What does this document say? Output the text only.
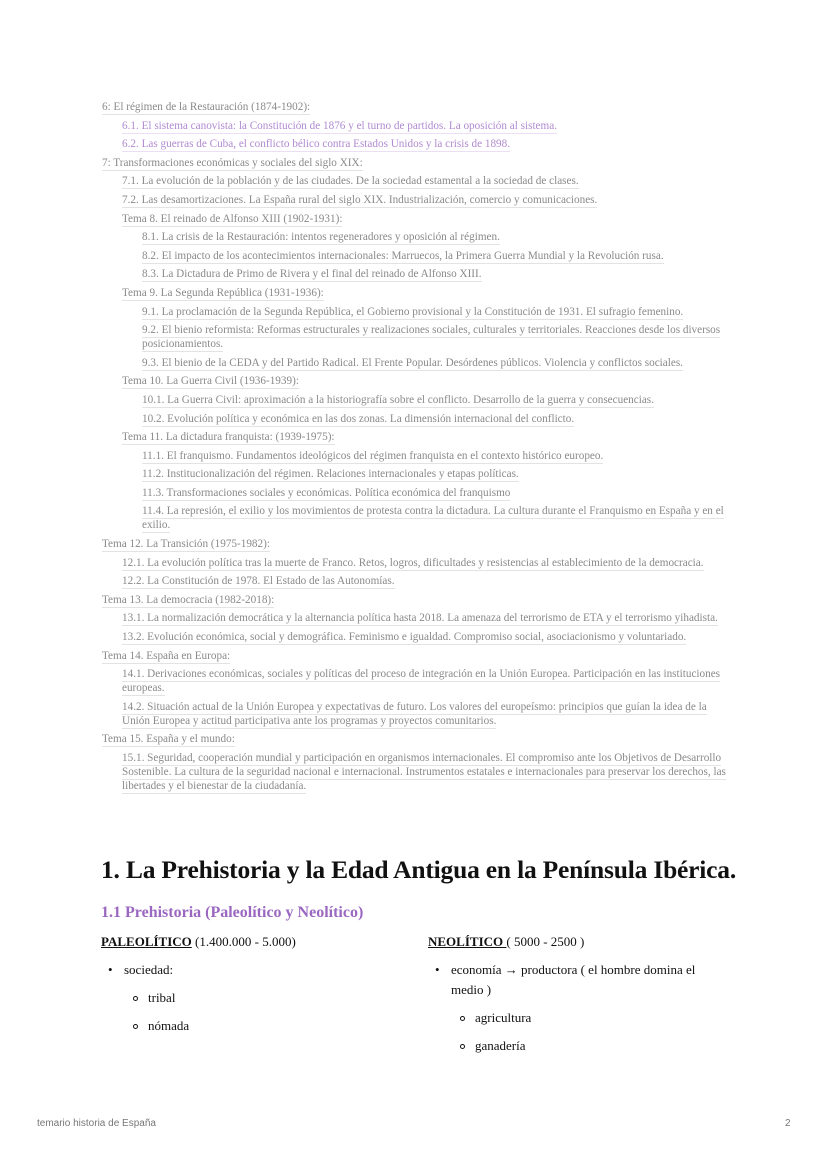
6: El régimen de la Restauración (1874-1902):
6.1. El sistema canovista: la Constitución de 1876 y el turno de partidos. La oposición al sistema.
6.2. Las guerras de Cuba, el conflicto bélico contra Estados Unidos y la crisis de 1898.
7: Transformaciones económicas y sociales del siglo XIX:
7.1. La evolución de la población y de las ciudades. De la sociedad estamental a la sociedad de clases.
7.2. Las desamortizaciones. La España rural del siglo XIX. Industrialización, comercio y comunicaciones.
Tema 8. El reinado de Alfonso XIII (1902-1931):
8.1. La crisis de la Restauración: intentos regeneradores y oposición al régimen.
8.2. El impacto de los acontecimientos internacionales: Marruecos, la Primera Guerra Mundial y la Revolución rusa.
8.3. La Dictadura de Primo de Rivera y el final del reinado de Alfonso XIII.
Tema 9. La Segunda República (1931-1936):
9.1. La proclamación de la Segunda República, el Gobierno provisional y la Constitución de 1931. El sufragio femenino.
9.2. El bienio reformista: Reformas estructurales y realizaciones sociales, culturales y territoriales. Reacciones desde los diversos posicionamientos.
9.3. El bienio de la CEDA y del Partido Radical. El Frente Popular. Desórdenes públicos. Violencia y conflictos sociales.
Tema 10. La Guerra Civil (1936-1939):
10.1. La Guerra Civil: aproximación a la historiografía sobre el conflicto. Desarrollo de la guerra y consecuencias.
10.2. Evolución política y económica en las dos zonas. La dimensión internacional del conflicto.
Tema 11. La dictadura franquista: (1939-1975):
11.1. El franquismo. Fundamentos ideológicos del régimen franquista en el contexto histórico europeo.
11.2. Institucionalización del régimen. Relaciones internacionales y etapas políticas.
11.3. Transformaciones sociales y económicas. Política económica del franquismo
11.4. La represión, el exilio y los movimientos de protesta contra la dictadura. La cultura durante el Franquismo en España y en el exilio.
Tema 12. La Transición (1975-1982):
12.1. La evolución política tras la muerte de Franco. Retos, logros, dificultades y resistencias al establecimiento de la democracia.
12.2. La Constitución de 1978. El Estado de las Autonomías.
Tema 13. La democracia (1982-2018):
13.1. La normalización democrática y la alternancia política hasta 2018. La amenaza del terrorismo de ETA y el terrorismo yihadista.
13.2. Evolución económica, social y demográfica. Feminismo e igualdad. Compromiso social, asociacionismo y voluntariado.
Tema 14. España en Europa:
14.1. Derivaciones económicas, sociales y políticas del proceso de integración en la Unión Europea. Participación en las instituciones europeas.
14.2. Situación actual de la Unión Europea y expectativas de futuro. Los valores del europeísmo: principios que guían la idea de la Unión Europea y actitud participativa ante los programas y proyectos comunitarios.
Tema 15. España y el mundo:
15.1. Seguridad, cooperación mundial y participación en organismos internacionales. El compromiso ante los Objetivos de Desarrollo Sostenible. La cultura de la seguridad nacional e internacional. Instrumentos estatales e internacionales para preservar los derechos, las libertades y el bienestar de la ciudadanía.
1. La Prehistoria y la Edad Antigua en la Península Ibérica.
1.1 Prehistoria (Paleolítico y Neolítico)
PALEOLÍTICO (1.400.000 - 5.000)
• sociedad:
tribal
nómada
NEOLÍTICO ( 5000 - 2500 )
• economía → productora ( el hombre domina el medio )
agricultura
ganadería
temario historia de España	2
